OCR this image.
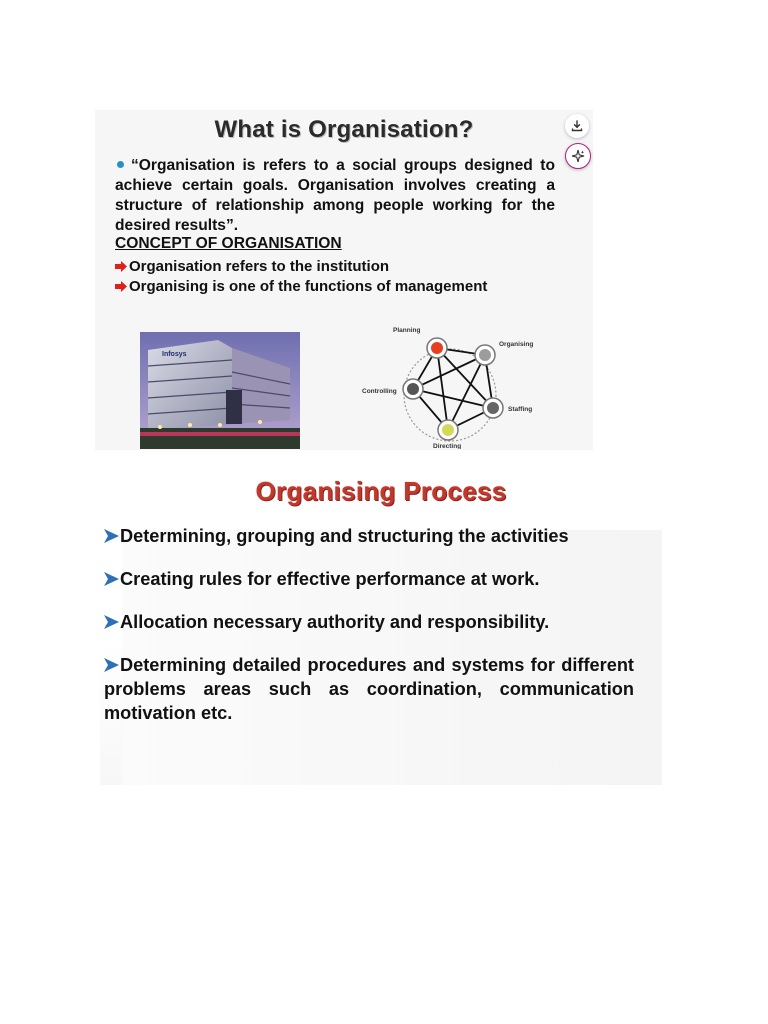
What is Organisation?
“Organisation is refers to a social groups designed to achieve certain goals. Organisation involves creating a structure of relationship among people working for the desired results”.
CONCEPT OF ORGANISATION
Organisation refers to the institution
Organising is one of the functions of management
Infosys
Planning
Organising
Staffing
Controlling
Directing
Organising Process
Determining, grouping and structuring the activities
Creating rules for effective performance at work.
Allocation necessary authority and responsibility.
Determining detailed procedures and systems for different problems areas such as coordination, communication motivation etc.
